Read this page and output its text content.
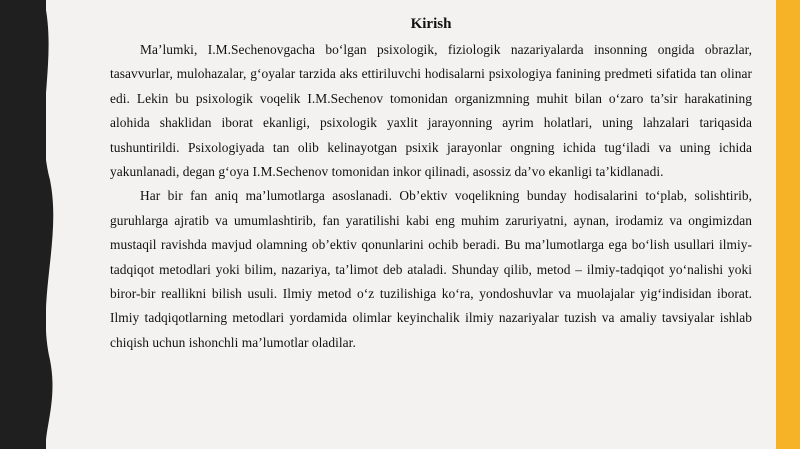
Kirish

Ma’lumki, I.M.Sechenovgacha bo‘lgan psixologik, fiziologik nazariyalarda insonning ongida obrazlar, tasavvurlar, mulohazalar, g‘oyalar tarzida aks ettiriluvchi hodisalarni psixologiya fanining predmeti sifatida tan olinar edi. Lekin bu psixologik voqelik I.M.Sechenov tomonidan organizmning muhit bilan o‘zaro ta’sir harakatining alohida shaklidan iborat ekanligi, psixologik yaxlit jarayonning ayrim holatlari, uning lahzalari tariqasida tushuntirildi. Psixologiyada tan olib kelinayotgan psixik jarayonlar ongning ichida tug‘iladi va uning ichida yakunlanadi, degan g‘oya I.M.Sechenov tomonidan inkor qilinadi, asossiz da’vo ekanligi ta’kidlanadi.

Har bir fan aniq ma’lumotlarga asoslanadi. Ob’ektiv voqelikning bunday hodisalarini to‘plab, solishtirib, guruhlarga ajratib va umumlashtirib, fan yaratilishi kabi eng muhim zaruriyatni, aynan, irodamiz va ongimizdan mustaqil ravishda mavjud olamning ob’ektiv qonunlarini ochib beradi. Bu ma’lumotlarga ega bo‘lish usullari ilmiy-tadqiqot metodlari yoki bilim, nazariya, ta’limot deb ataladi. Shunday qilib, metod – ilmiy-tadqiqot yo‘nalishi yoki biror-bir reallikni bilish usuli. Ilmiy metod o‘z tuzilishiga ko‘ra, yondoshuvlar va muolajalar yig‘indisidan iborat. Ilmiy tadqiqotlarning metodlari yordamida olimlar keyinchalik ilmiy nazariyalar tuzish va amaliy tavsiyalar ishlab chiqish uchun ishonchli ma’lumotlar oladilar.
